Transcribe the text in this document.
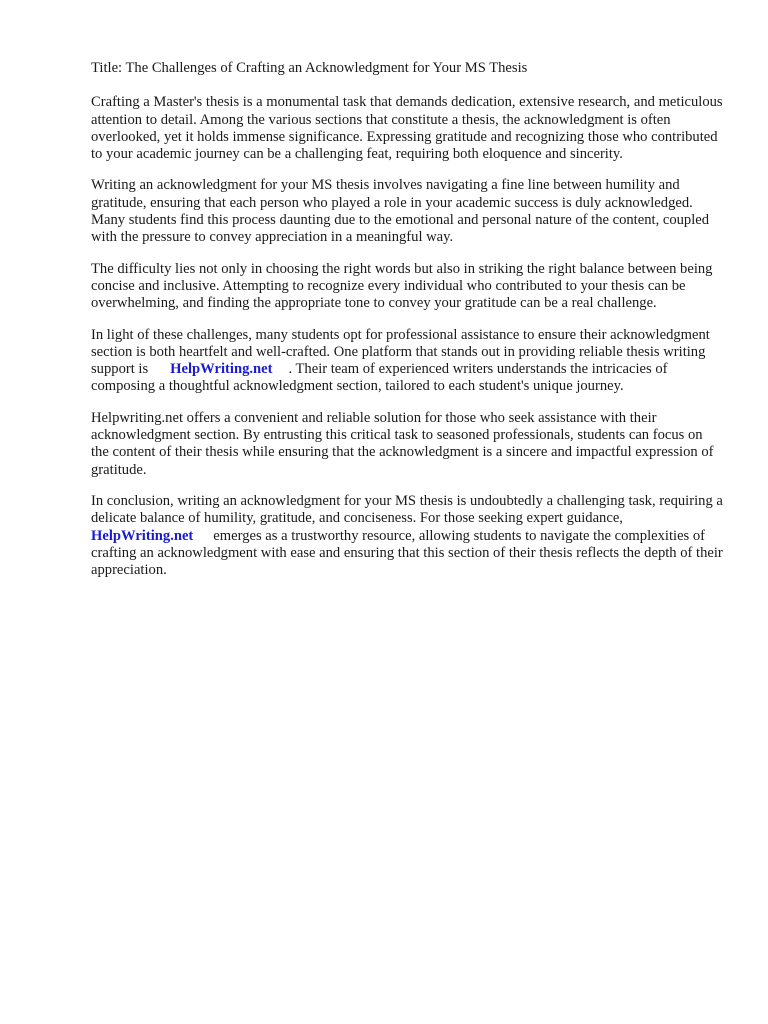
Title: The Challenges of Crafting an Acknowledgment for Your MS Thesis

Crafting a Master's thesis is a monumental task that demands dedication, extensive research, and meticulous attention to detail. Among the various sections that constitute a thesis, the acknowledgment is often overlooked, yet it holds immense significance. Expressing gratitude and recognizing those who contributed to your academic journey can be a challenging feat, requiring both eloquence and sincerity.

Writing an acknowledgment for your MS thesis involves navigating a fine line between humility and gratitude, ensuring that each person who played a role in your academic success is duly acknowledged. Many students find this process daunting due to the emotional and personal nature of the content, coupled with the pressure to convey appreciation in a meaningful way.

The difficulty lies not only in choosing the right words but also in striking the right balance between being concise and inclusive. Attempting to recognize every individual who contributed to your thesis can be overwhelming, and finding the appropriate tone to convey your gratitude can be a real challenge.

In light of these challenges, many students opt for professional assistance to ensure their acknowledgment section is both heartfelt and well-crafted. One platform that stands out in providing reliable thesis writing support is HelpWriting.net . Their team of experienced writers understands the intricacies of composing a thoughtful acknowledgment section, tailored to each student's unique journey.

Helpwriting.net offers a convenient and reliable solution for those who seek assistance with their acknowledgment section. By entrusting this critical task to seasoned professionals, students can focus on the content of their thesis while ensuring that the acknowledgment is a sincere and impactful expression of gratitude.

In conclusion, writing an acknowledgment for your MS thesis is undoubtedly a challenging task, requiring a delicate balance of humility, gratitude, and conciseness. For those seeking expert guidance,HelpWriting.net emerges as a trustworthy resource, allowing students to navigate the complexities of crafting an acknowledgment with ease and ensuring that this section of their thesis reflects the depth of their appreciation.
